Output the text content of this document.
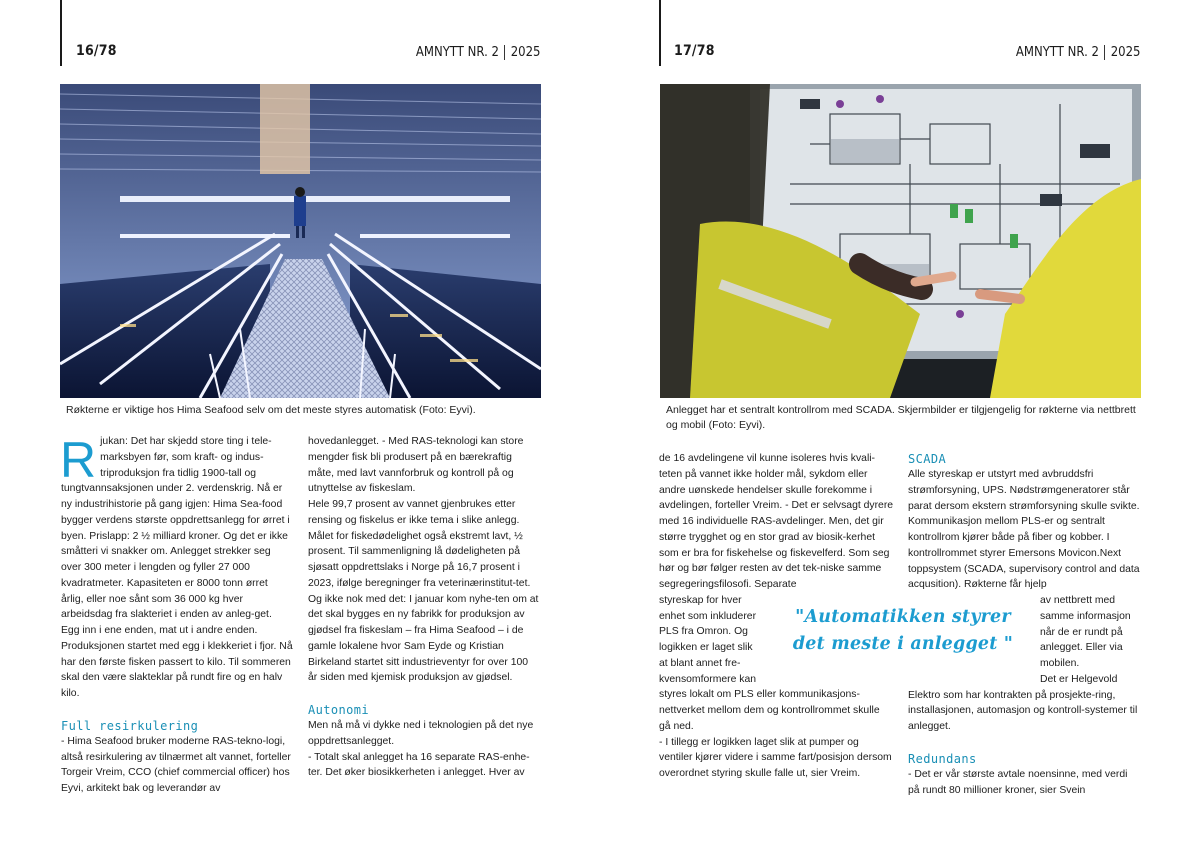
16/78	AMNYTT NR. 2 2025
Røkterne er viktige hos Hima Seafood selv om det meste styres automatisk (Foto: Eyvi).

Rjukan: Det har skjedd store ting i tele-marksbyen før, som kraft- og indus-triproduksjon fra tidlig 1900-tall og tungtvannsaksjonen under 2. verdenskrig. Nå er ny industrihistorie på gang igjen: Hima Sea-food bygger verdens største oppdrettsanlegg for ørret i byen. Prislapp: 2 ½ milliard kroner. Og det er ikke småtteri vi snakker om. Anlegget strekker seg over 300 meter i lengden og fyller 27 000 kvadratmeter. Kapasiteten er 8000 tonn ørret årlig, eller noe sånt som 36 000 kg hver arbeidsdag fra slakteriet i enden av anleg-get. Egg inn i ene enden, mat ut i andre enden. Produksjonen startet med egg i klekkeriet i fjor. Nå har den første fisken passert to kilo. Til sommeren skal den være slakteklar på rundt fire og en halv kilo.

Full resirkulering

- Hima Seafood bruker moderne RAS-tekno-logi, altså resirkulering av tilnærmet alt vannet, forteller Torgeir Vreim, CCO (chief commercial officer) hos Eyvi, arkitekt bak og leverandør av

hovedanlegget. - Med RAS-teknologi kan store mengder fisk bli produsert på en bærekraftig måte, med lavt vannforbruk og kontroll på og utnyttelse av fiskeslam.

Hele 99,7 prosent av vannet gjenbrukes etter rensing og fiskelus er ikke tema i slike anlegg. Målet for fiskedødelighet også ekstremt lavt, ½ prosent. Til sammenligning lå dødeligheten på sjøsatt oppdrettslaks i Norge på 16,7 prosent i 2023, ifølge beregninger fra veterinærinstitut-tet. Og ikke nok med det: I januar kom nyhe-ten om at det skal bygges en ny fabrikk for produksjon av gjødsel fra fiskeslam – fra Hima Seafood – i de gamle lokalene hvor Sam Eyde og Kristian Birkeland startet sitt industrieventyr for over 100 år siden med kjemisk produksjon av gjødsel.

Autonomi

Men nå må vi dykke ned i teknologien på det nye oppdrettsanlegget.

- Totalt skal anlegget ha 16 separate RAS-enhe-ter. Det øker biosikkerheten i anlegget. Hver av

17/78	AMNYTT NR. 2 2025
Anlegget har et sentralt kontrollrom med SCADA. Skjermbilder er tilgjengelig for røkterne via nettbrett og mobil (Foto: Eyvi).

de 16 avdelingene vil kunne isoleres hvis kvali-teten på vannet ikke holder mål, sykdom eller andre uønskede hendelser skulle forekomme i avdelingen, forteller Vreim. - Det er selvsagt dyrere med 16 individuelle RAS-avdelinger. Men, det gir større trygghet og en stor grad av biosik-kerhet som er bra for fiskehelse og fiskevelferd. Som seg hør og bør følger resten av det tek-niske samme segregeringsfilosofi. Separate

styreskap for hver

enhet som inkluderer

PLS fra Omron. Og

logikken er laget slik

at blant annet fre-

kvensomformere kan

styres lokalt om PLS eller kommunikasjons-nettverket mellom dem og kontrollrommet skulle gå ned.

- I tillegg er logikken laget slik at pumper og ventiler kjører videre i samme fart/posisjon dersom overordnet styring skulle falle ut, sier Vreim.

SCADA

Alle styreskap er utstyrt med avbruddsfri strømforsyning, UPS. Nødstrømgeneratorer står parat dersom ekstern strømforsyning skulle svikte. Kommunikasjon mellom PLS-er og sentralt kontrollrom kjører både på fiber og kobber. I kontrollrommet styrer Emersons Movicon.Next toppsystem (SCADA, supervisory control and data acqusition). Røkterne får hjelp

av nettbrett med

samme informasjon

når de er rundt på

anlegget. Eller via

mobilen.

Det er Helgevold

Elektro som har kontrakten på prosjekte-ring, installasjonen, automasjon og kontroll-systemer til anlegget.

Redundans

- Det er vår største avtale noensinne, med verdi på rundt 80 millioner kroner, sier Svein

"Automatikken styrer det meste i anlegget "
